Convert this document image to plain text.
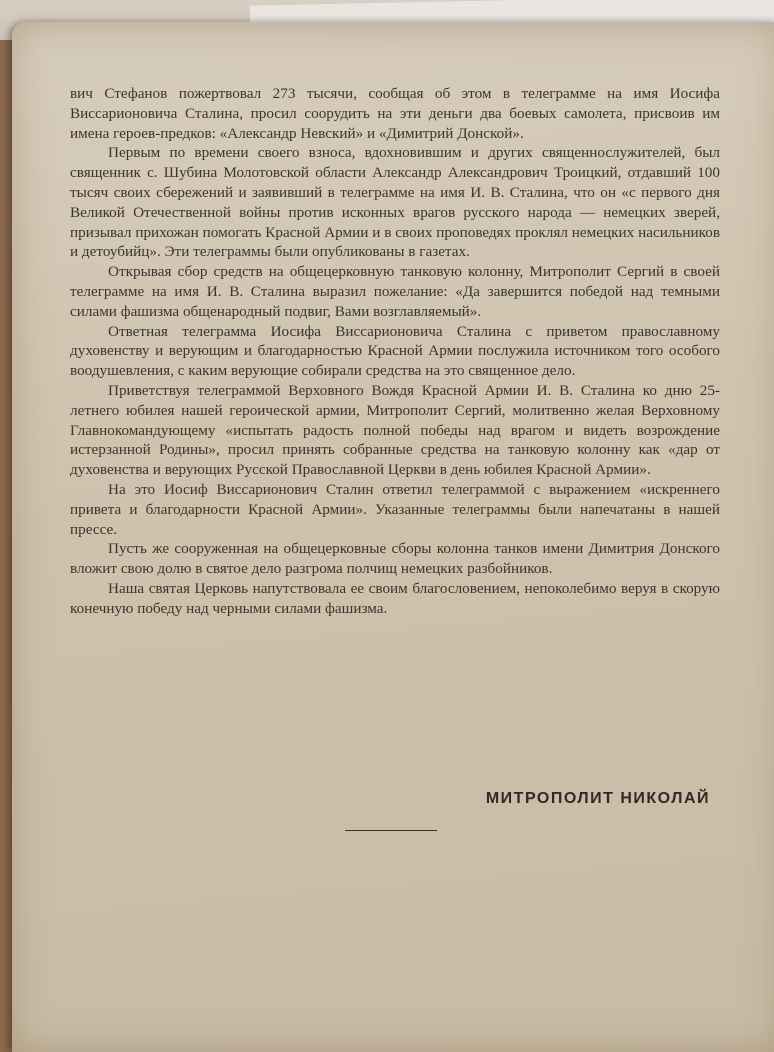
вич Стефанов пожертвовал 273 тысячи, сообщая об этом в телеграмме на имя Иосифа Виссарионовича Сталина, просил соорудить на эти деньги два боевых самолета, присвоив им имена героев-предков: «Александр Невский» и «Димитрий Донской».

Первым по времени своего взноса, вдохновившим и других священнослужителей, был священник с. Шубина Молотовской области Александр Александрович Троицкий, отдавший 100 тысяч своих сбережений и заявивший в телеграмме на имя И. В. Сталина, что он «с первого дня Великой Отечественной войны против исконных врагов русского народа — немецких зверей, призывал прихожан помогать Красной Армии и в своих проповедях проклял немецких насильников и детоубийц». Эти телеграммы были опубликованы в газетах.

Открывая сбор средств на общецерковную танковую колонну, Митрополит Сергий в своей телеграмме на имя И. В. Сталина выразил пожелание: «Да завершится победой над темными силами фашизма общенародный подвиг, Вами возглавляемый».

Ответная телеграмма Иосифа Виссарионовича Сталина с приветом православному духовенству и верующим и благодарностью Красной Армии послужила источником того особого воодушевления, с каким верующие собирали средства на это священное дело.

Приветствуя телеграммой Верховного Вождя Красной Армии И. В. Сталина ко дню 25-летнего юбилея нашей героической армии, Митрополит Сергий, молитвенно желая Верховному Главнокомандующему «испытать радость полной победы над врагом и видеть возрождение истерзанной Родины», просил принять собранные средства на танковую колонну как «дар от духовенства и верующих Русской Православной Церкви в день юбилея Красной Армии».

На это Иосиф Виссарионович Сталин ответил телеграммой с выражением «искреннего привета и благодарности Красной Армии». Указанные телеграммы были напечатаны в нашей прессе.

Пусть же сооруженная на общецерковные сборы колонна танков имени Димитрия Донского вложит свою долю в святое дело разгрома полчищ немецких разбойников.

Наша святая Церковь напутствовала ее своим благословением, непоколебимо веруя в скорую конечную победу над черными силами фашизма.

МИТРОПОЛИТ НИКОЛАЙ
